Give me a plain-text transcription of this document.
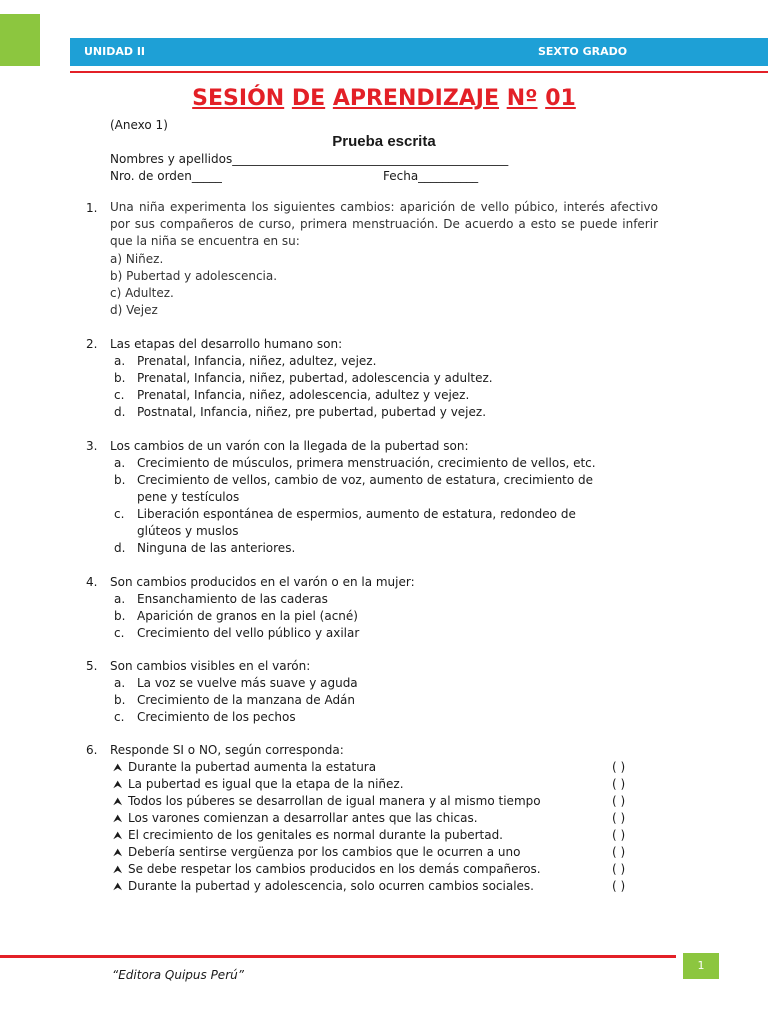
UNIDAD II	SEXTO GRADO
SESIÓN DE APRENDIZAJE Nº 01
(Anexo 1)
Prueba escrita
Nombres y apellidos______________________________________________
Nro. de orden_____	Fecha__________
1. Una niña experimenta los siguientes cambios: aparición de vello púbico, interés afectivo por sus compañeros de curso, primera menstruación. De acuerdo a esto se puede inferir que la niña se encuentra en su:
a) Niñez.
b) Pubertad y adolescencia.
c) Adultez.
d) Vejez
2. Las etapas del desarrollo humano son:
a. Prenatal, Infancia, niñez, adultez, vejez.
b. Prenatal, Infancia, niñez, pubertad, adolescencia y adultez.
c. Prenatal, Infancia, niñez, adolescencia, adultez y vejez.
d. Postnatal, Infancia, niñez, pre pubertad, pubertad y vejez.
3. Los cambios de un varón con la llegada de la pubertad son:
a. Crecimiento de músculos, primera menstruación, crecimiento de vellos, etc.
b. Crecimiento de vellos, cambio de voz, aumento de estatura, crecimiento de
pene y testículos
c. Liberación espontánea de espermios, aumento de estatura, redondeo de
glúteos y muslos
d. Ninguna de las anteriores.
4. Son cambios producidos en el varón o en la mujer:
a. Ensanchamiento de las caderas
b. Aparición de granos en la piel (acné)
c. Crecimiento del vello público y axilar
5. Son cambios visibles en el varón:
a. La voz se vuelve más suave y aguda
b. Crecimiento de la manzana de Adán
c. Crecimiento de los pechos
6. Responde SI o NO, según corresponda:
⮝ Durante la pubertad aumenta la estatura	( )
⮝ La pubertad es igual que la etapa de la niñez.	( )
⮝ Todos los púberes se desarrollan de igual manera y al mismo tiempo	( )
⮝ Los varones comienzan a desarrollar antes que las chicas.	( )
⮝ El crecimiento de los genitales es normal durante la pubertad.	( )
⮝ Debería sentirse vergüenza por los cambios que le ocurren a uno	( )
⮝ Se debe respetar los cambios producidos en los demás compañeros.	( )
⮝ Durante la pubertad y adolescencia, solo ocurren cambios sociales.	( )
1
“Editora Quipus Perú”
